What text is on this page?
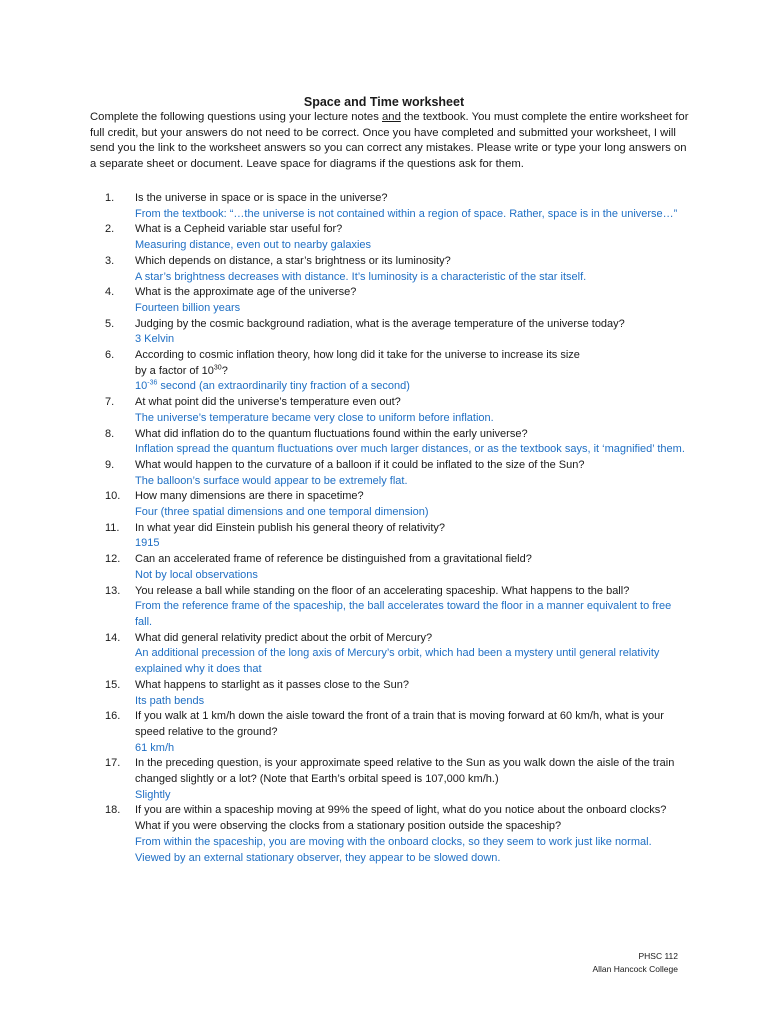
Space and Time worksheet
Complete the following questions using your lecture notes and the textbook. You must complete the entire worksheet for full credit, but your answers do not need to be correct. Once you have completed and submitted your worksheet, I will send you the link to the worksheet answers so you can correct any mistakes. Please write or type your long answers on a separate sheet or document. Leave space for diagrams if the questions ask for them.
1.	Is the universe in space or is space in the universe?
From the textbook: “…the universe is not contained within a region of space. Rather, space is in the universe…”
2.	What is a Cepheid variable star useful for?
Measuring distance, even out to nearby galaxies
3.	Which depends on distance, a star’s brightness or its luminosity?
A star’s brightness decreases with distance. It’s luminosity is a characteristic of the star itself.
4.	What is the approximate age of the universe?
Fourteen billion years
5.	Judging by the cosmic background radiation, what is the average temperature of the universe today?
3 Kelvin
6.	According to cosmic inflation theory, how long did it take for the universe to increase its size
by a factor of $10^{30}$?
$10^{-36}$ second (an extraordinarily tiny fraction of a second)
7.	At what point did the universe’s temperature even out?
The universe’s temperature became very close to uniform before inflation.
8.	What did inflation do to the quantum fluctuations found within the early universe?
Inflation spread the quantum fluctuations over much larger distances, or as the textbook says, it ‘magnified’ them.
9.	What would happen to the curvature of a balloon if it could be inflated to the size of the Sun?
The balloon’s surface would appear to be extremely flat.
10.	How many dimensions are there in spacetime?
Four (three spatial dimensions and one temporal dimension)
11.	In what year did Einstein publish his general theory of relativity?
1915
12.	Can an accelerated frame of reference be distinguished from a gravitational field?
Not by local observations
13.	You release a ball while standing on the floor of an accelerating spaceship. What happens to the ball?
From the reference frame of the spaceship, the ball accelerates toward the floor in a manner equivalent to free fall.
14.	What did general relativity predict about the orbit of Mercury?
An additional precession of the long axis of Mercury’s orbit, which had been a mystery until general relativity explained why it does that
15.	What happens to starlight as it passes close to the Sun?
Its path bends
16.	If you walk at 1 km/h down the aisle toward the front of a train that is moving forward at 60 km/h, what is your speed relative to the ground?
61 km/h
17.	In the preceding question, is your approximate speed relative to the Sun as you walk down the aisle of the train changed slightly or a lot? (Note that Earth’s orbital speed is 107,000 km/h.)
Slightly
18.	If you are within a spaceship moving at 99% the speed of light, what do you notice about the onboard clocks? What if you were observing the clocks from a stationary position outside the spaceship?
From within the spaceship, you are moving with the onboard clocks, so they seem to work just like normal. Viewed by an external stationary observer, they appear to be slowed down.
PHSC 112
Allan Hancock College
